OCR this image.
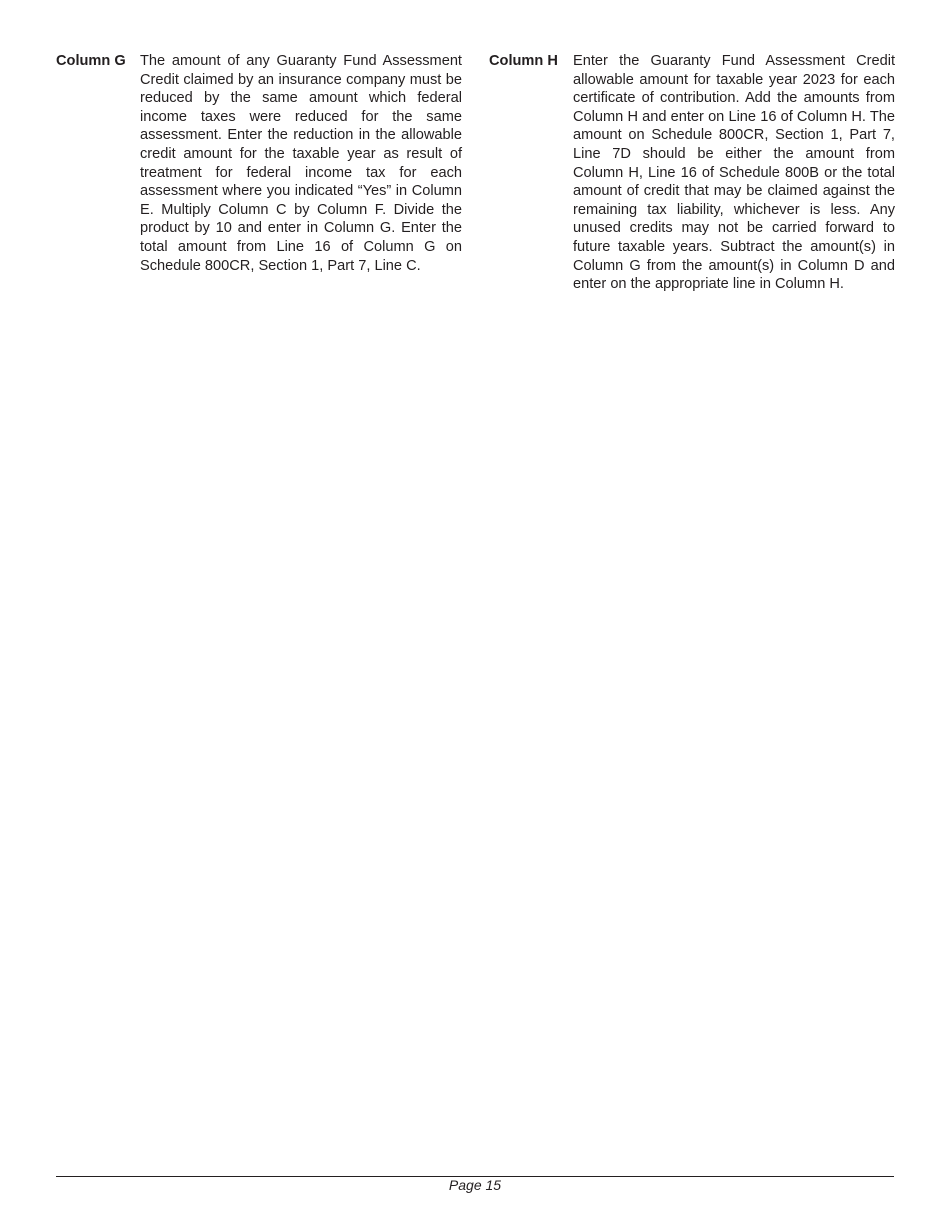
Column G The amount of any Guaranty Fund Assessment Credit claimed by an insurance company must be reduced by the same amount which federal income taxes were reduced for the same assessment. Enter the reduction in the allowable credit amount for the taxable year as result of treatment for federal income tax for each assessment where you indicated “Yes” in Column E. Multiply Column C by Column F. Divide the product by 10 and enter in Column G. Enter the total amount from Line 16 of Column G on Schedule 800CR, Section 1, Part 7, Line C.
Column H	Enter the Guaranty Fund Assessment Credit allowable amount for taxable year 2023 for each certificate of contribution. Add the amounts from Column H and enter on Line 16 of Column H. The amount on Schedule 800CR, Section 1, Part 7, Line 7D should be either the amount from Column H, Line 16 of Schedule 800B or the total amount of credit that may be claimed against the remaining tax liability, whichever is less. Any unused credits may not be carried forward to future taxable years. Subtract the amount(s) in Column G from the amount(s) in Column D and enter on the appropriate line in Column H.
Page 15
